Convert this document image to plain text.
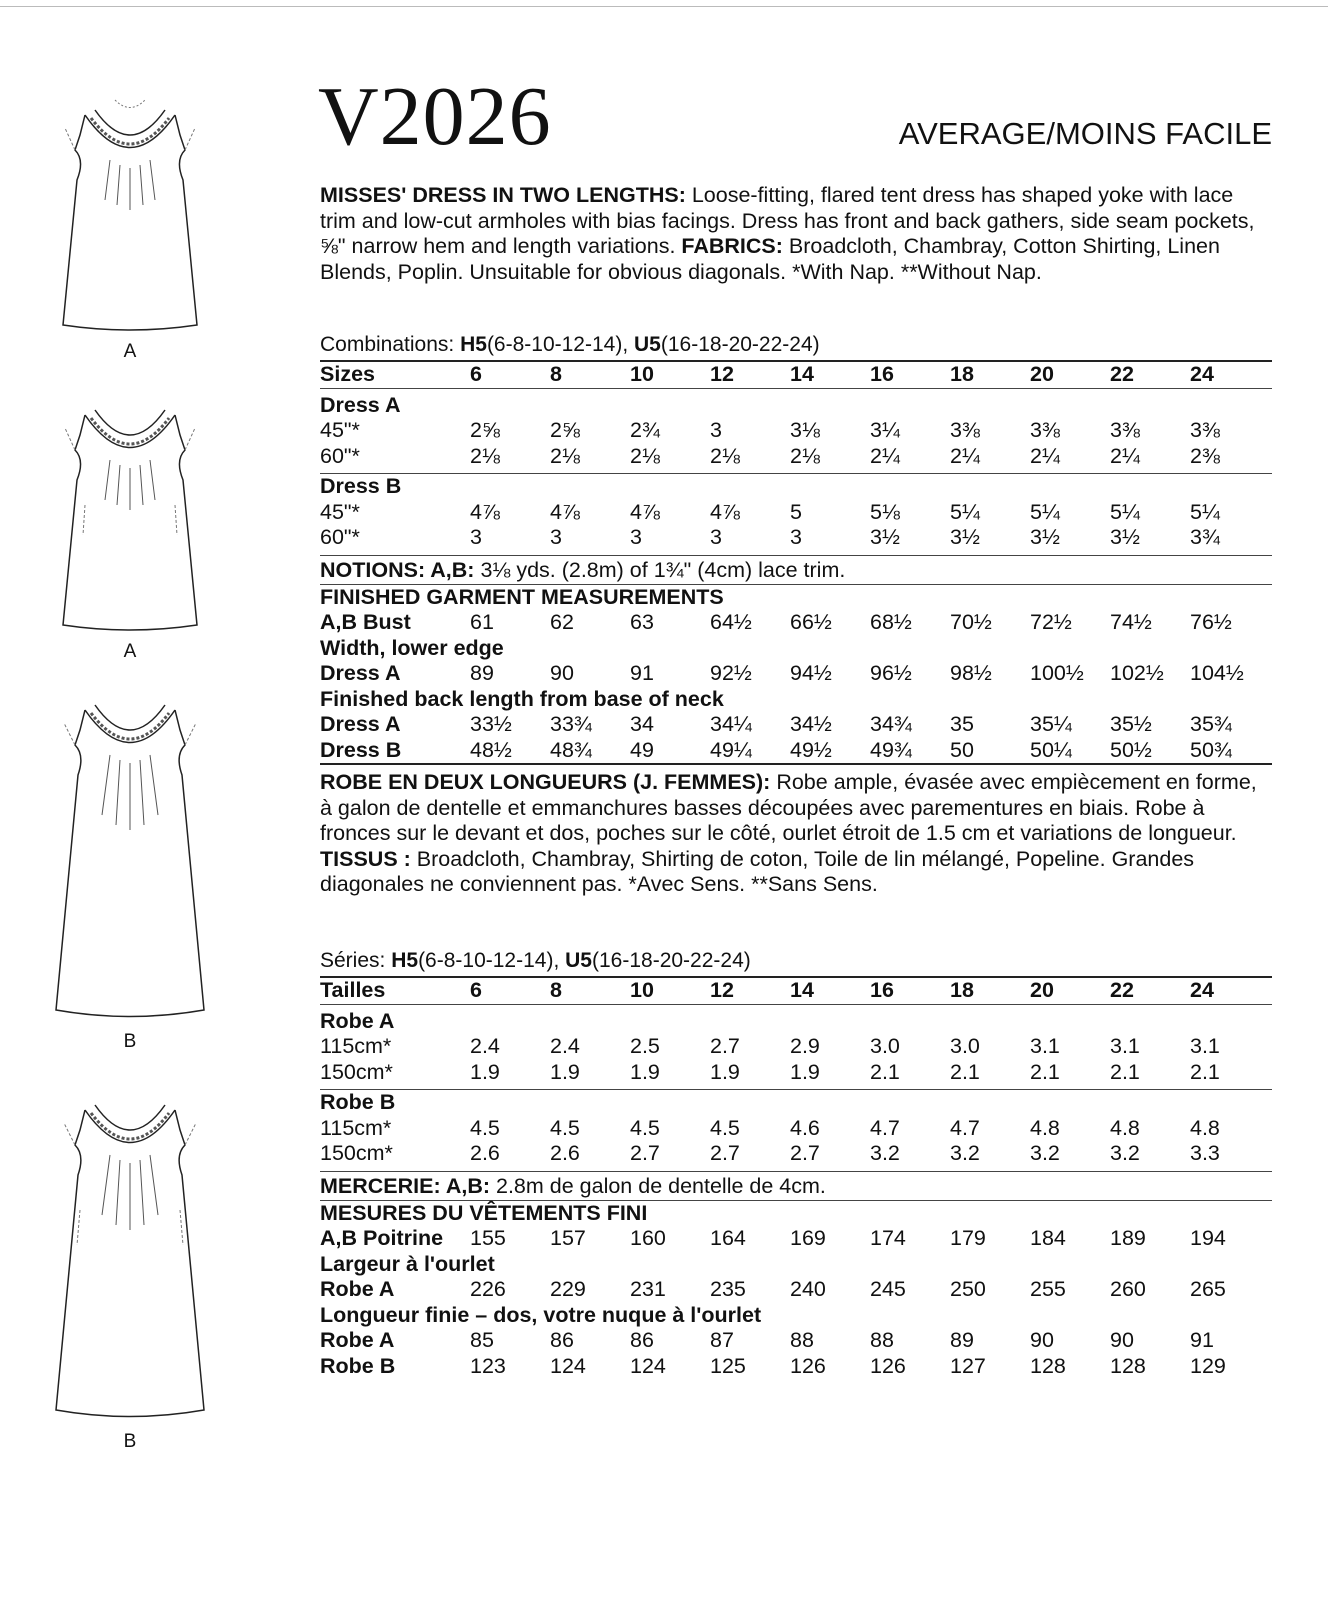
A
A
B
B
V2026	AVERAGE/MOINS FACILE
MISSES' DRESS IN TWO LENGTHS: Loose-fitting, flared tent dress has shaped yoke with lace trim and low-cut armholes with bias facings. Dress has front and back gathers, side seam pockets, ⅝" narrow hem and length variations. FABRICS: Broadcloth, Chambray, Cotton Shirting, Linen Blends, Poplin. Unsuitable for obvious diagonals. *With Nap. **Without Nap.
Combinations: H5(6-8-10-12-14), U5(16-18-20-22-24)
Sizes	6	8	10	12	14	16	18	20	22	24
Dress A
45"*	2⅝	2⅝	2¾	3	3⅛	3¼	3⅜	3⅜	3⅜	3⅜
60"*	2⅛	2⅛	2⅛	2⅛	2⅛	2¼	2¼	2¼	2¼	2⅜
Dress B
45"*	4⅞	4⅞	4⅞	4⅞	5	5⅛	5¼	5¼	5¼	5¼
60"*	3	3	3	3	3	3½	3½	3½	3½	3¾
NOTIONS: A,B: 3⅛ yds. (2.8m) of 1¾" (4cm) lace trim.
FINISHED GARMENT MEASUREMENTS
A,B Bust	61	62	63	64½	66½	68½	70½	72½	74½	76½
Width, lower edge
Dress A	89	90	91	92½	94½	96½	98½	100½	102½	104½
Finished back length from base of neck
Dress A	33½	33¾	34	34¼	34½	34¾	35	35¼	35½	35¾
Dress B	48½	48¾	49	49¼	49½	49¾	50	50¼	50½	50¾
ROBE EN DEUX LONGUEURS (J. FEMMES): Robe ample, évasée avec empiècement en forme, à galon de dentelle et emmanchures basses découpées avec parementures en biais. Robe à fronces sur le devant et dos, poches sur le côté, ourlet étroit de 1.5 cm et variations de longueur. TISSUS : Broadcloth, Chambray, Shirting de coton, Toile de lin mélangé, Popeline. Grandes diagonales ne conviennent pas. *Avec Sens. **Sans Sens.
Séries: H5(6-8-10-12-14), U5(16-18-20-22-24)
Tailles	6	8	10	12	14	16	18	20	22	24
Robe A
115cm*	2.4	2.4	2.5	2.7	2.9	3.0	3.0	3.1	3.1	3.1
150cm*	1.9	1.9	1.9	1.9	1.9	2.1	2.1	2.1	2.1	2.1
Robe B
115cm*	4.5	4.5	4.5	4.5	4.6	4.7	4.7	4.8	4.8	4.8
150cm*	2.6	2.6	2.7	2.7	2.7	3.2	3.2	3.2	3.2	3.3
MERCERIE: A,B: 2.8m de galon de dentelle de 4cm.
MESURES DU VÊTEMENTS FINI
A,B Poitrine	155	157	160	164	169	174	179	184	189	194
Largeur à l'ourlet
Robe A	226	229	231	235	240	245	250	255	260	265
Longueur finie – dos, votre nuque à l'ourlet
Robe A	85	86	86	87	88	88	89	90	90	91
Robe B	123	124	124	125	126	126	127	128	128	129
